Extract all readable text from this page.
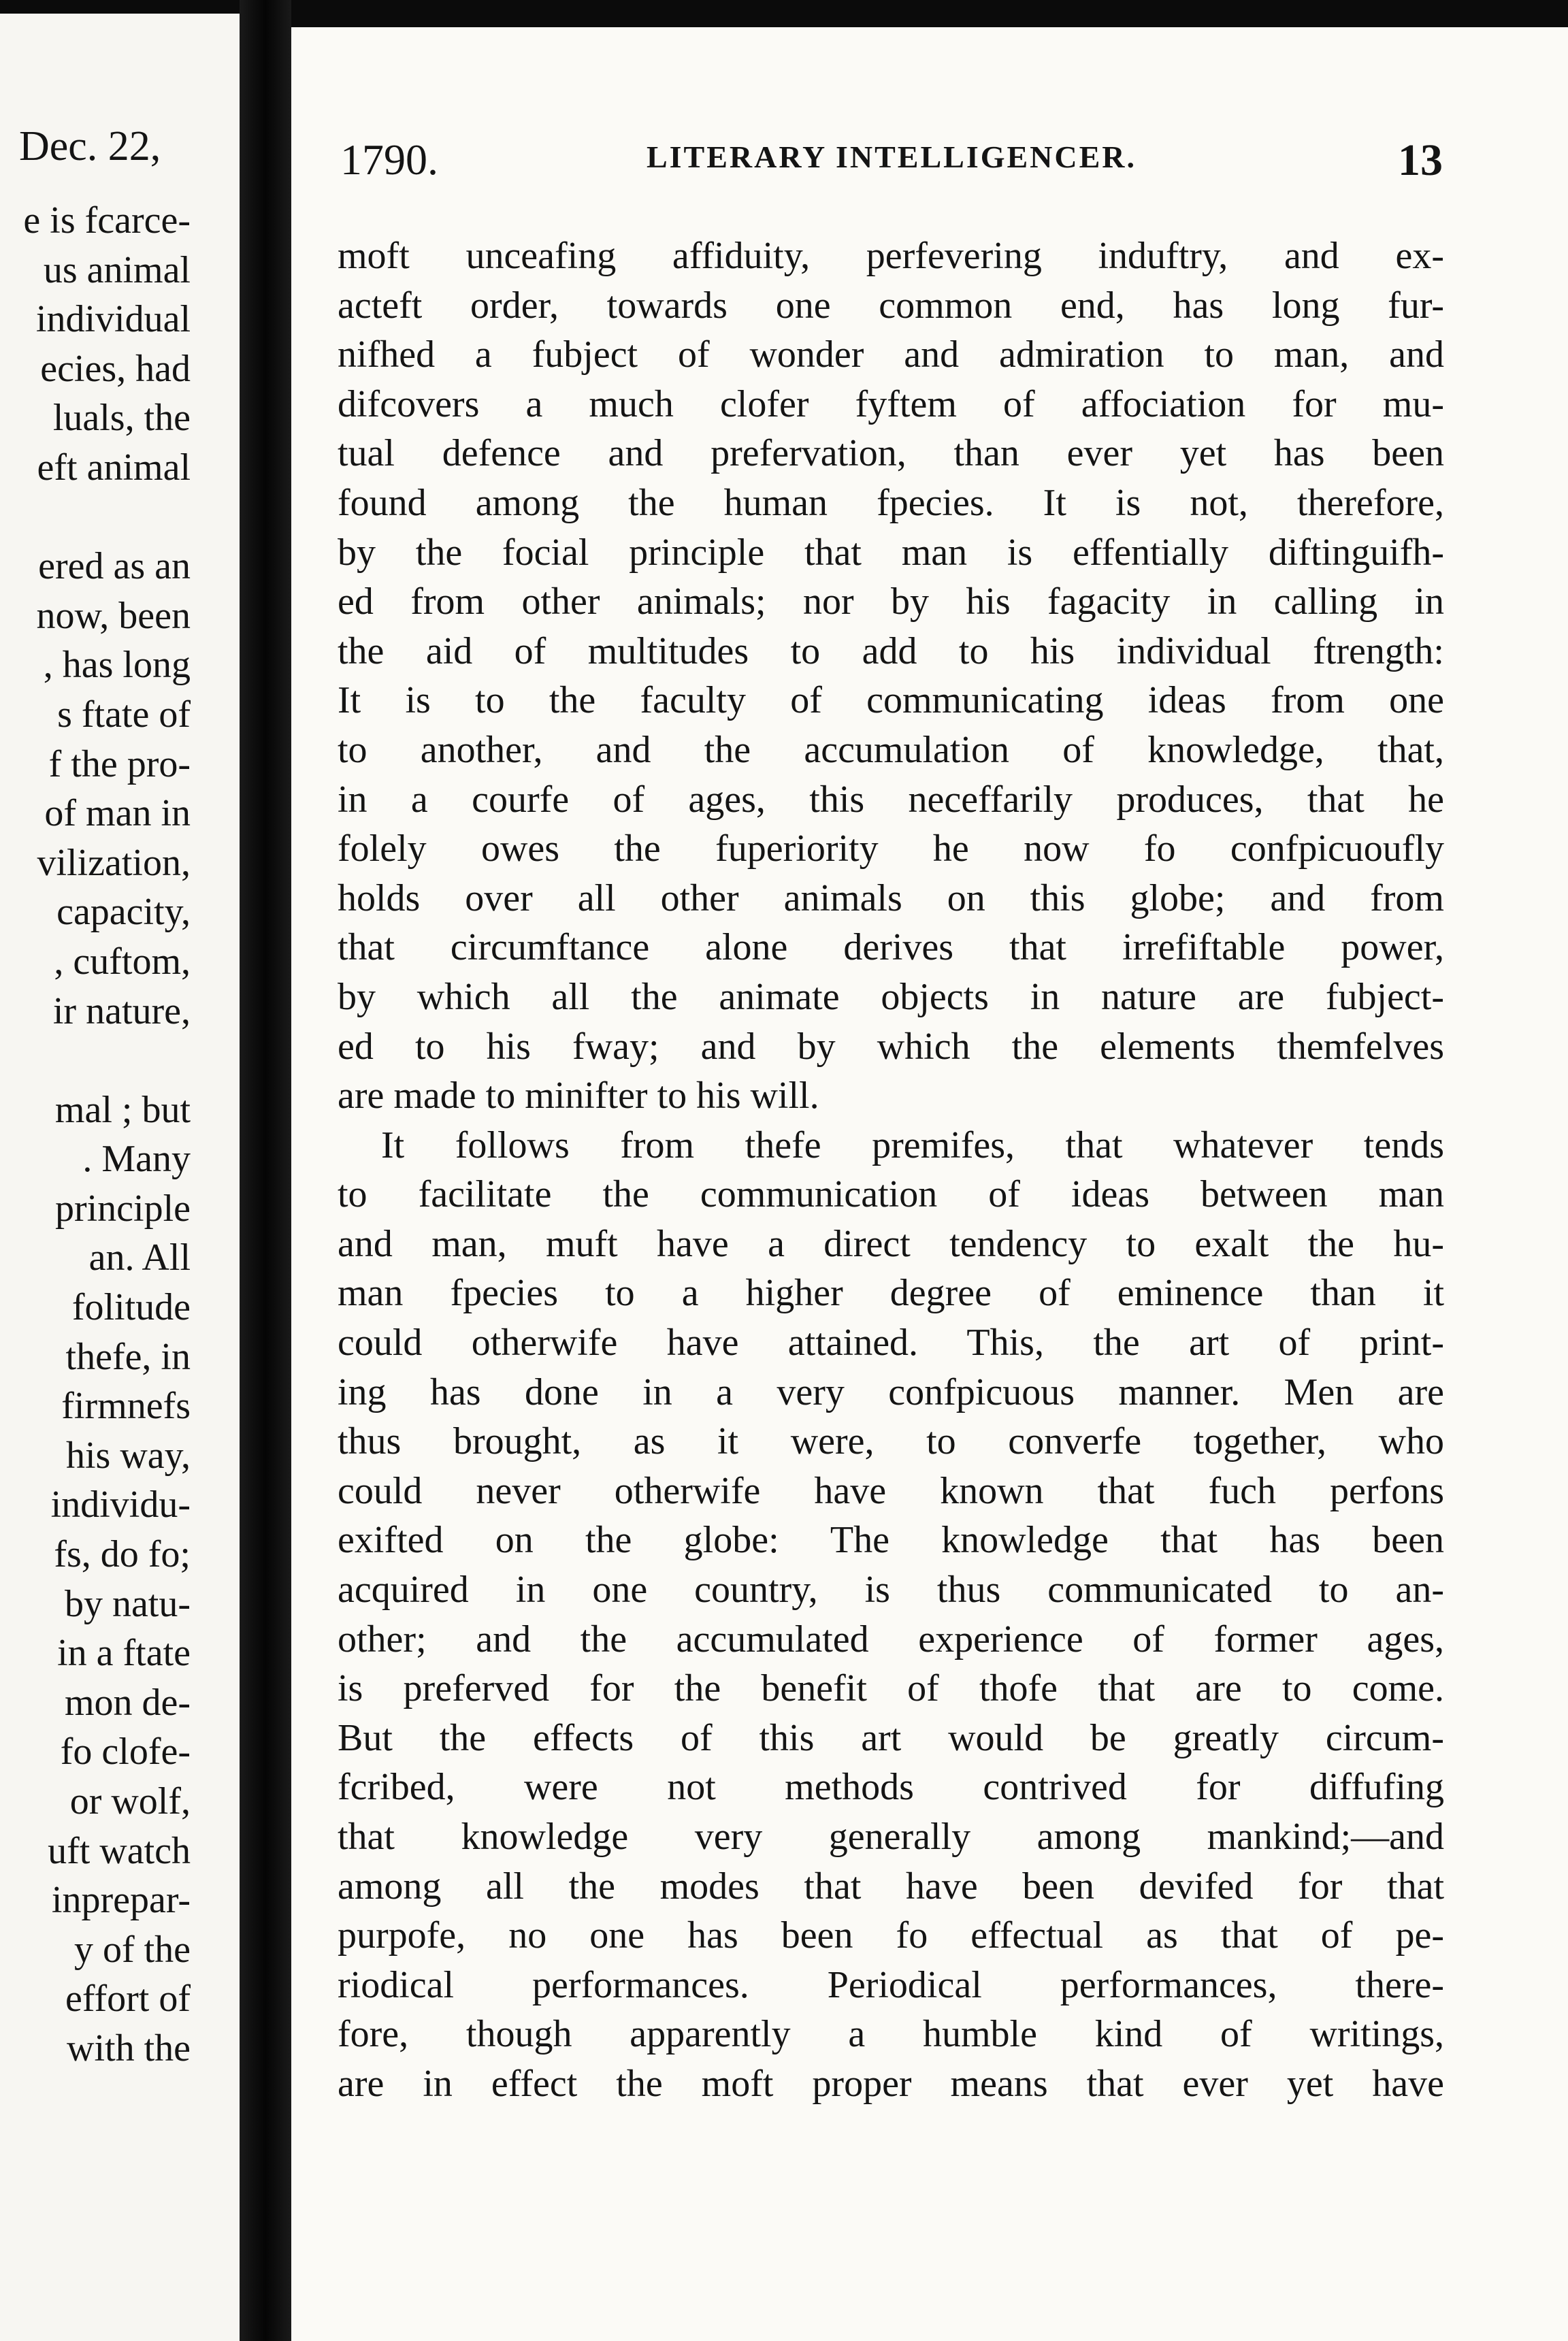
Dec. 22,
e is fcarce-
us animal
individual
ecies, had
luals, the
eft animal
ered as an
now, been
, has long
s ftate of
f the pro-
of man in
vilization,
capacity,
, cuftom,
ir nature,
mal ; but
. Many
principle
an. All
folitude
thefe, in
firmnefs
his way,
individu-
fs, do fo;
by natu-
in a ftate
mon de-
fo clofe-
or wolf,
uft watch
inprepar-
y of the
effort of
with the
1790.	LITERARY INTELLIGENCER.	13
moft unceafing affiduity, perfevering induftry, and ex-
acteft order, towards one common end, has long fur-
nifhed a fubject of wonder and admiration to man, and
difcovers a much clofer fyftem of affociation for mu-
tual defence and prefervation, than ever yet has been
found among the human fpecies. It is not, therefore,
by the focial principle that man is effentially diftinguifh-
ed from other animals; nor by his fagacity in calling in
the aid of multitudes to add to his individual ftrength:
It is to the faculty of communicating ideas from one
to another, and the accumulation of knowledge, that,
in a courfe of ages, this neceffarily produces, that he
folely owes the fuperiority he now fo confpicuoufly
holds over all other animals on this globe; and from
that circumftance alone derives that irrefiftable power,
by which all the animate objects in nature are fubject-
ed to his fway; and by which the elements themfelves
are made to minifter to his will.
It follows from thefe premifes, that whatever tends
to facilitate the communication of ideas between man
and man, muft have a direct tendency to exalt the hu-
man fpecies to a higher degree of eminence than it
could otherwife have attained. This, the art of print-
ing has done in a very confpicuous manner. Men are
thus brought, as it were, to converfe together, who
could never otherwife have known that fuch perfons
exifted on the globe: The knowledge that has been
acquired in one country, is thus communicated to an-
other; and the accumulated experience of former ages,
is preferved for the benefit of thofe that are to come.
But the effects of this art would be greatly circum-
fcribed, were not methods contrived for diffufing
that knowledge very generally among mankind;—and
among all the modes that have been devifed for that
purpofe, no one has been fo effectual as that of pe-
riodical performances. Periodical performances, there-
fore, though apparently a humble kind of writings,
are in effect the moft proper means that ever yet have
